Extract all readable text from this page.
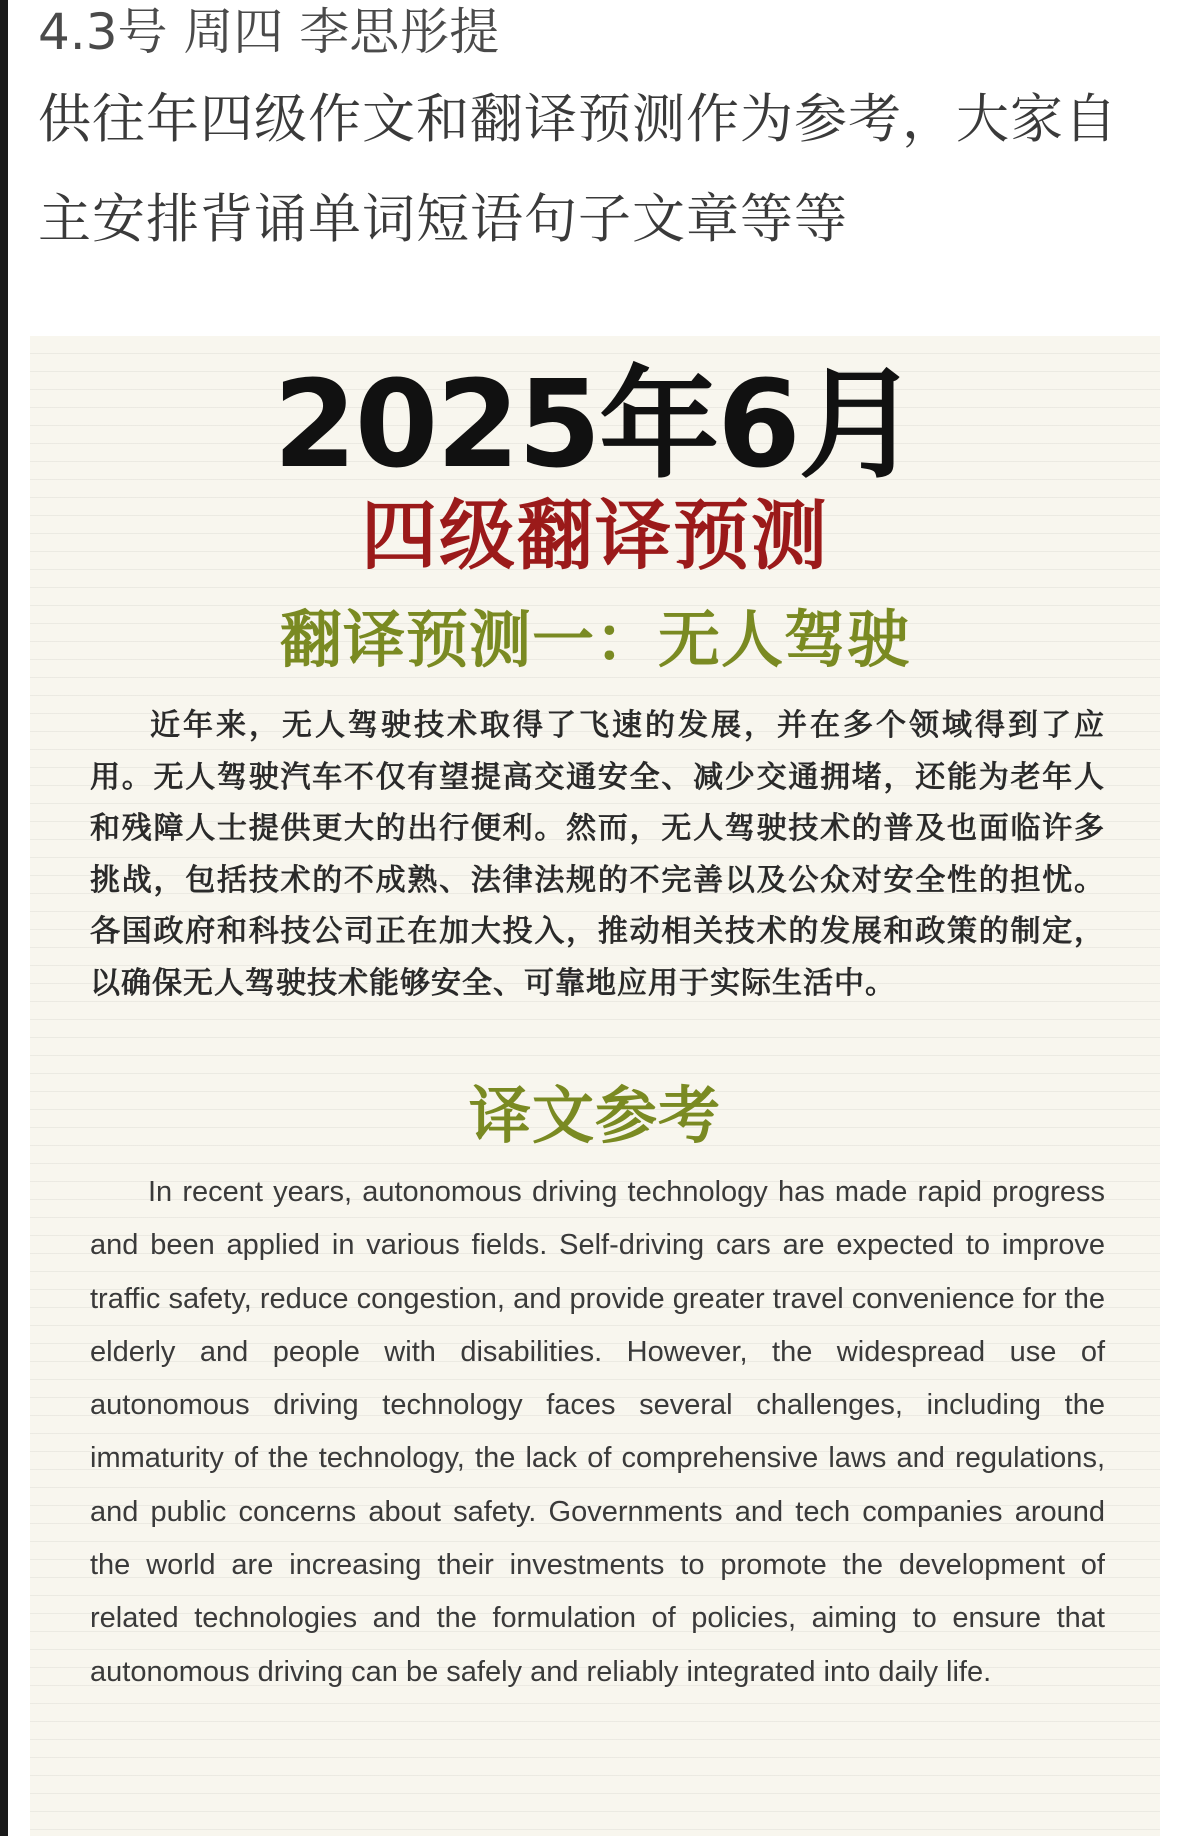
4.3号 周四 李思彤提
供往年四级作文和翻译预测作为参考，大家自主安排背诵单词短语句子文章等等
2025年6月
四级翻译预测
翻译预测一：无人驾驶
近年来，无人驾驶技术取得了飞速的发展，并在多个领域得到了应用。无人驾驶汽车不仅有望提高交通安全、减少交通拥堵，还能为老年人和残障人士提供更大的出行便利。然而，无人驾驶技术的普及也面临许多挑战，包括技术的不成熟、法律法规的不完善以及公众对安全性的担忧。各国政府和科技公司正在加大投入，推动相关技术的发展和政策的制定，以确保无人驾驶技术能够安全、可靠地应用于实际生活中。
译文参考
In recent years, autonomous driving technology has made rapid progress and been applied in various fields. Self-driving cars are expected to improve traffic safety, reduce congestion, and provide greater travel convenience for the elderly and people with disabilities. However, the widespread use of autonomous driving technology faces several challenges, including the immaturity of the technology, the lack of comprehensive laws and regulations, and public concerns about safety. Governments and tech companies around the world are increasing their investments to promote the development of related technologies and the formulation of policies, aiming to ensure that autonomous driving can be safely and reliably integrated into daily life.
